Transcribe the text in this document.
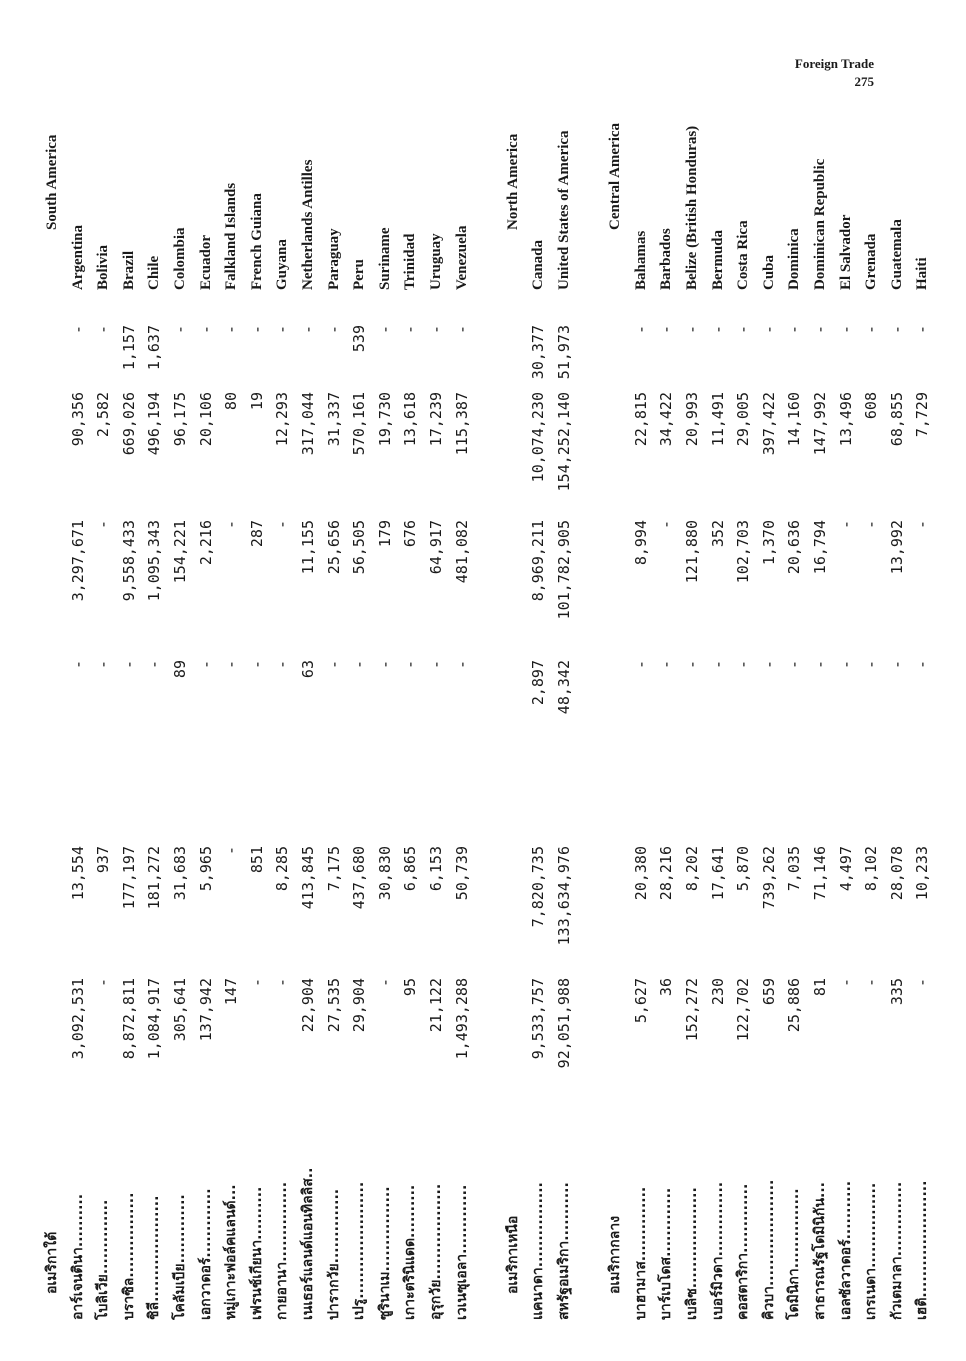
Foreign Trade
275
อเมริกาใต้
South America
อาร์เจนตินา..........
3,092,531
13,554
-
3,297,671
90,356
-
Argentina
โบลิเวีย..............
-
937
-
-
2,582
-
Bolivia
บราซิล................
8,872,811
177,197
-
9,558,433
669,026
1,157
Brazil
ชิลี....................
1,084,917
181,272
-
1,095,343
496,194
1,637
Chile
โคลัมเบีย.............
305,641
31,683
89
154,221
96,175
-
Colombia
เอกวาดอร์.............
137,942
5,965
-
2,216
20,106
-
Ecuador
หมู่เกาะฟอล์คแลนด์...
147
-
-
-
80
-
Falkland Islands
เฟรนช์เกียนา..........
-
851
-
287
19
-
French Guiana
กายอานา...............
-
8,285
-
-
12,293
-
Guyana
เนเธอร์แลนด์แอนทิลลิส..
22,904
413,845
63
11,155
317,044
-
Netherlands Antilles
ปารากวัย..............
27,535
7,175
-
25,656
31,337
-
Paraguay
เปรู......................
29,904
437,680
-
56,505
570,161
539
Peru
ซูรินาเม................
-
30,830
-
179
19,730
-
Suriname
เกาะตรินิแดด..........
95
6,865
-
676
13,618
-
Trinidad
อุรุกวัย..................
21,122
6,153
-
64,917
17,239
-
Uruguay
เวเนซุเอลา.............
1,493,288
50,739
-
481,082
115,387
-
Venezuela
อเมริกาเหนือ
North America
แคนาดา................
9,533,757
7,820,735
2,897
8,969,211
10,074,230
30,377
Canada
สหรัฐอเมริกา...........
92,051,988
133,634,976
48,342
101,782,905
154,252,140
51,973
United States of America
อเมริกากลาง
Central America
บาฮามาส..............
5,627
20,380
-
8,994
22,815
-
Bahamas
บาร์เบโดส.............
36
28,216
-
-
34,422
-
Barbados
เบลิซ...................
152,272
8,202
-
121,880
20,993
-
Belize (British Honduras)
เบอร์มิวดา..............
230
17,641
-
352
11,491
-
Bermuda
คอสตาริกา.............
122,702
5,870
-
102,703
29,005
-
Costa Rica
คิวบา....................
659
739,262
-
1,370
397,422
-
Cuba
โดมินิกา...............
25,886
7,035
-
20,636
14,160
-
Dominica
สาธารณรัฐโดมินิกัน...
81
71,146
-
16,794
147,992
-
Dominican Republic
เอลซัลวาดอร์...........
-
4,497
-
-
13,496
-
El Salvador
เกรเนดา................
-
8,102
-
-
608
-
Grenada
กัวเตมาลา..............
335
28,078
-
13,992
68,855
-
Guatemala
เฮติ......................
-
10,233
-
-
7,729
-
Haiti
